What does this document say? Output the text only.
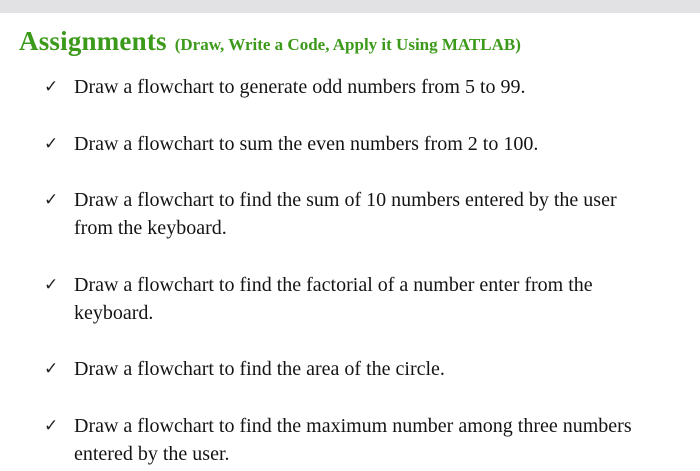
Assignments (Draw, Write a Code, Apply it Using MATLAB)
✓ Draw a flowchart to generate odd numbers from 5 to 99.
✓ Draw a flowchart to sum the even numbers from 2 to 100.
✓ Draw a flowchart to find the sum of 10 numbers entered by the user from the keyboard.
✓ Draw a flowchart to find the factorial of a number enter from the keyboard.
✓ Draw a flowchart to find the area of the circle.
✓ Draw a flowchart to find the maximum number among three numbers entered by the user.
